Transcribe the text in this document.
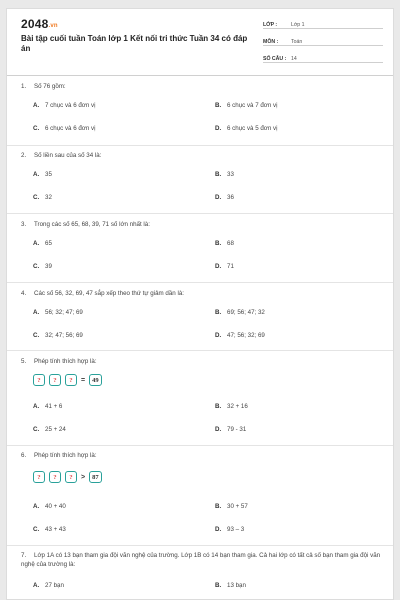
2048.vn
Bài tập cuối tuần Toán lớp 1 Kết nối tri thức Tuần 34 có đáp án
LỚP :	Lớp 1
MÔN :	Toán
SỐ CÂU : 14
1. Số 76 gồm:
A. 7 chục và 6 đơn vị	B. 6 chục và 7 đơn vị
C. 6 chục và 6 đơn vị	D. 6 chục và 5 đơn vị
2. Số liền sau của số 34 là:
A. 35	B. 33
C. 32	D. 36
3. Trong các số 65, 68, 39, 71 số lớn nhất là:
A. 65	B. 68
C. 39	D. 71
4. Các số 56, 32, 69, 47 sắp xếp theo thứ tự giảm dần là:
A. 56; 32; 47; 69	B. 69; 56; 47; 32
C. 32; 47; 56; 69	D. 47; 56; 32; 69
5. Phép tính thích hợp là:
?	?	?	=	49
A. 41 + 6	B. 32 + 16
C. 25 + 24	D. 79 - 31
6. Phép tính thích hợp là:
?	?	?	>	87
A. 40 + 40	B. 30 + 57
C. 43 + 43	D. 93 – 3
7. Lớp 1A có 13 bạn tham gia đội văn nghệ của trường. Lớp 1B có 14 bạn tham gia. Cả hai lớp có tất cả số bạn tham gia đội văn nghệ của trường là:
A. 27 bạn	B. 13 bạn
